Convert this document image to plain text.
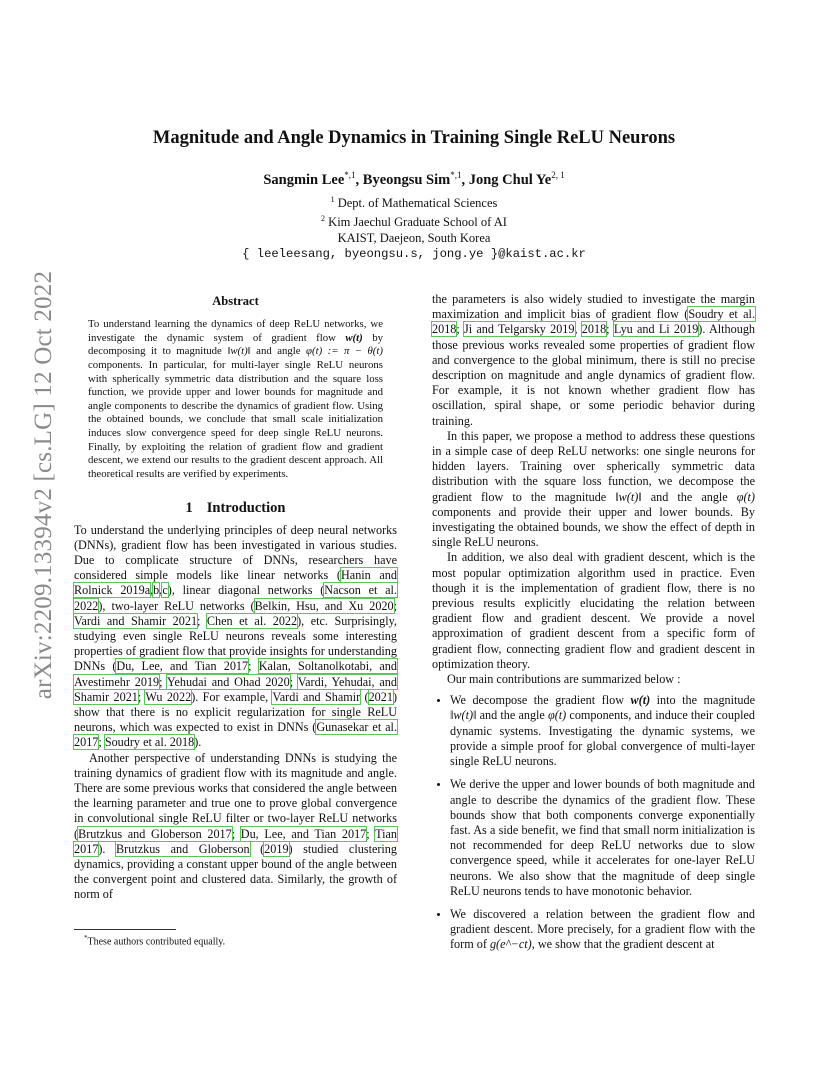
arXiv:2209.13394v2 [cs.LG] 12 Oct 2022
Magnitude and Angle Dynamics in Training Single ReLU Neurons
Sangmin Lee$^{*,1}$, Byeongsu Sim$^{*,1}$, Jong Chul Ye$^{2, 1}$
$^1$ Dept. of Mathematical Sciences
$^2$ Kim Jaechul Graduate School of AI
KAIST, Daejeon, South Korea
{ leeleesang, byeongsu.s, jong.ye }@kaist.ac.kr
Abstract
To understand learning the dynamics of deep ReLU networks, we investigate the dynamic system of gradient flow w(t) by decomposing it to magnitude ‖w(t)‖ and angle φ(t) := π − θ(t) components. In particular, for multi-layer single ReLU neurons with spherically symmetric data distribution and the square loss function, we provide upper and lower bounds for magnitude and angle components to describe the dynamics of gradient flow. Using the obtained bounds, we conclude that small scale initialization induces slow convergence speed for deep single ReLU neurons. Finally, by exploiting the relation of gradient flow and gradient descent, we extend our results to the gradient descent approach. All theoretical results are verified by experiments.
1 Introduction

To understand the underlying principles of deep neural networks (DNNs), gradient flow has been investigated in various studies. Due to complicate structure of DNNs, researchers have considered simple models like linear networks (Hanin and Rolnick 2019a,b,c), linear diagonal networks (Nacson et al. 2022), two-layer ReLU networks (Belkin, Hsu, and Xu 2020; Vardi and Shamir 2021; Chen et al. 2022), etc. Surprisingly, studying even single ReLU neurons reveals some interesting properties of gradient flow that provide insights for understanding DNNs (Du, Lee, and Tian 2017; Kalan, Soltanolkotabi, and Avestimehr 2019; Yehudai and Ohad 2020; Vardi, Yehudai, and Shamir 2021; Wu 2022). For example, Vardi and Shamir (2021) show that there is no explicit regularization for single ReLU neurons, which was expected to exist in DNNs (Gunasekar et al. 2017; Soudry et al. 2018).

Another perspective of understanding DNNs is studying the training dynamics of gradient flow with its magnitude and angle. There are some previous works that considered the angle between the learning parameter and true one to prove global convergence in convolutional single ReLU filter or two-layer ReLU networks (Brutzkus and Globerson 2017; Du, Lee, and Tian 2017; Tian 2017). Brutzkus and Globerson (2019) studied clustering dynamics, providing a constant upper bound of the angle between the convergent point and clustered data. Similarly, the growth of norm of

the parameters is also widely studied to investigate the margin maximization and implicit bias of gradient flow (Soudry et al. 2018; Ji and Telgarsky 2019, 2018; Lyu and Li 2019). Although those previous works revealed some properties of gradient flow and convergence to the global minimum, there is still no precise description on magnitude and angle dynamics of gradient flow. For example, it is not known whether gradient flow has oscillation, spiral shape, or some periodic behavior during training.

In this paper, we propose a method to address these questions in a simple case of deep ReLU networks: one single neurons for hidden layers. Training over spherically symmetric data distribution with the square loss function, we decompose the gradient flow to the magnitude ‖w(t)‖ and the angle φ(t) components and provide their upper and lower bounds. By investigating the obtained bounds, we show the effect of depth in single ReLU neurons.

In addition, we also deal with gradient descent, which is the most popular optimization algorithm used in practice. Even though it is the implementation of gradient flow, there is no previous results explicitly elucidating the relation between gradient flow and gradient descent. We provide a novel approximation of gradient descent from a specific form of gradient flow, connecting gradient flow and gradient descent in optimization theory.

Our main contributions are summarized below :

• We decompose the gradient flow w(t) into the magnitude ‖w(t)‖ and the angle φ(t) components, and induce their coupled dynamic systems. Investigating the dynamic systems, we provide a simple proof for global convergence of multi-layer single ReLU neurons.
• We derive the upper and lower bounds of both magnitude and angle to describe the dynamics of the gradient flow. These bounds show that both components converge exponentially fast. As a side benefit, we find that small norm initialization is not recommended for deep ReLU networks due to slow convergence speed, while it accelerates for one-layer ReLU neurons. We also show that the magnitude of deep single ReLU neurons tends to have monotonic behavior.
• We discovered a relation between the gradient flow and gradient descent. More precisely, for a gradient flow with the form of g(e^−ct), we show that the gradient descent at
*These authors contributed equally.
